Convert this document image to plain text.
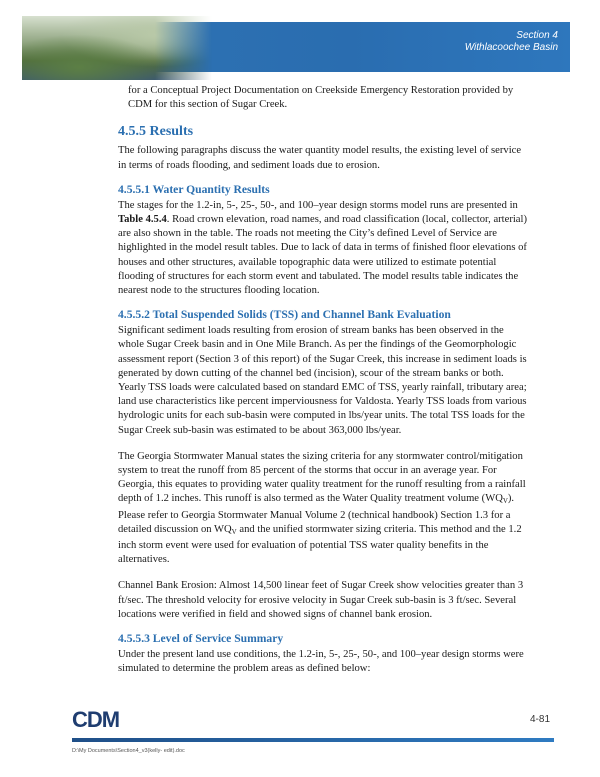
Section 4
Withlacoochee Basin

for a Conceptual Project Documentation on Creekside Emergency Restoration provided by CDM for this section of Sugar Creek.

4.5.5 Results

The following paragraphs discuss the water quantity model results, the existing level of service in terms of roads flooding, and sediment loads due to erosion.

4.5.5.1 Water Quantity Results

The stages for the 1.2-in, 5-, 25-, 50-, and 100–year design storms model runs are presented in Table 4.5.4. Road crown elevation, road names, and road classification (local, collector, arterial) are also shown in the table. The roads not meeting the City’s defined Level of Service are highlighted in the model result tables. Due to lack of data in terms of finished floor elevations of houses and other structures, available topographic data were utilized to estimate potential flooding of structures for each storm event and tabulated. The model results table indicates the nearest node to the structures flooding location.

4.5.5.2 Total Suspended Solids (TSS) and Channel Bank Evaluation

Significant sediment loads resulting from erosion of stream banks has been observed in the whole Sugar Creek basin and in One Mile Branch. As per the findings of the Geomorphologic assessment report (Section 3 of this report) of the Sugar Creek, this increase in sediment loads is generated by down cutting of the channel bed (incision), scour of the stream banks or both. Yearly TSS loads were calculated based on standard EMC of TSS, yearly rainfall, tributary area; land use characteristics like percent imperviousness for Valdosta. Yearly TSS loads from various hydrologic units for each sub-basin were computed in lbs/year units. The total TSS loads for the Sugar Creek sub-basin was estimated to be about 363,000 lbs/year.

The Georgia Stormwater Manual states the sizing criteria for any stormwater control/mitigation system to treat the runoff from 85 percent of the storms that occur in an average year. For Georgia, this equates to providing water quality treatment for the runoff resulting from a rainfall depth of 1.2 inches. This runoff is also termed as the Water Quality treatment volume $(WQ_V)$. Please refer to Georgia Stormwater Manual Volume 2 (technical handbook) Section 1.3 for a detailed discussion on $WQ_V$ and the unified stormwater sizing criteria. This method and the 1.2 inch storm event were used for evaluation of potential TSS water quality benefits in the alternatives.

Channel Bank Erosion: Almost 14,500 linear feet of Sugar Creek show velocities greater than 3 ft/sec. The threshold velocity for erosive velocity in Sugar Creek sub-basin is 3 ft/sec. Several locations were verified in field and showed signs of channel bank erosion.

4.5.5.3 Level of Service Summary

Under the present land use conditions, the 1.2-in, 5-, 25-, 50-, and 100–year design storms were simulated to determine the problem areas as defined below:

CDM	4-81
D:\My Documents\Section4_v3(kelly- edit).doc
